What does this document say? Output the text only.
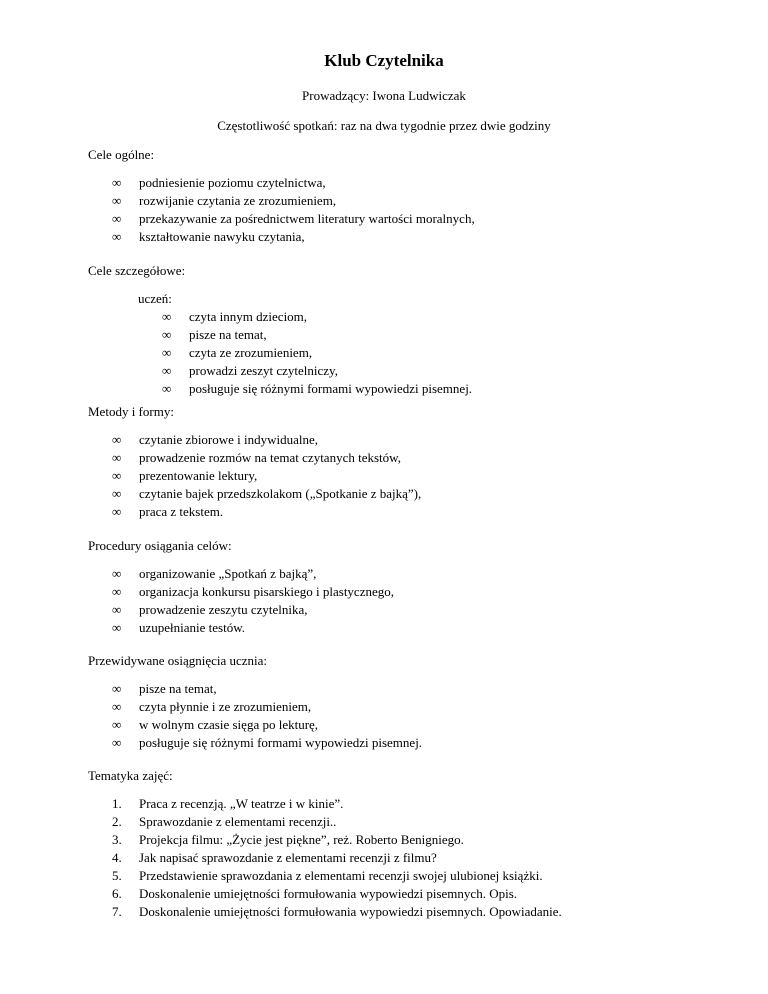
Klub Czytelnika
Prowadzący: Iwona Ludwiczak
Częstotliwość spotkań: raz na dwa tygodnie przez dwie godziny
Cele ogólne:
∞	podniesienie poziomu czytelnictwa,
∞	rozwijanie czytania ze zrozumieniem,
∞	przekazywanie za pośrednictwem literatury wartości moralnych,
∞	kształtowanie nawyku czytania,
Cele szczegółowe:
uczeń:
∞	czyta innym dzieciom,
∞	pisze na temat,
∞	czyta ze zrozumieniem,
∞	prowadzi zeszyt czytelniczy,
∞	posługuje się różnymi formami wypowiedzi pisemnej.
Metody i formy:
∞	czytanie zbiorowe i indywidualne,
∞	prowadzenie rozmów na temat czytanych tekstów,
∞	prezentowanie lektury,
∞	czytanie bajek przedszkolakom („Spotkanie z bajką”),
∞	praca z tekstem.
Procedury osiągania celów:
∞	organizowanie „Spotkań z bajką”,
∞	organizacja konkursu pisarskiego i plastycznego,
∞	prowadzenie zeszytu czytelnika,
∞	uzupełnianie testów.
Przewidywane osiągnięcia ucznia:
∞	pisze na temat,
∞	czyta płynnie i ze zrozumieniem,
∞	w wolnym czasie sięga po lekturę,
∞	posługuje się różnymi formami wypowiedzi pisemnej.
Tematyka zajęć:
1.	Praca z recenzją. „W teatrze i w kinie”.
2.	Sprawozdanie z elementami recenzji..
3.	Projekcja filmu: „Życie jest piękne”, reż. Roberto Benigniego.
4.	Jak napisać sprawozdanie z elementami recenzji z filmu?
5.	Przedstawienie sprawozdania z elementami recenzji swojej ulubionej książki.
6.	Doskonalenie umiejętności formułowania wypowiedzi pisemnych. Opis.
7.	Doskonalenie umiejętności formułowania wypowiedzi pisemnych. Opowiadanie.
